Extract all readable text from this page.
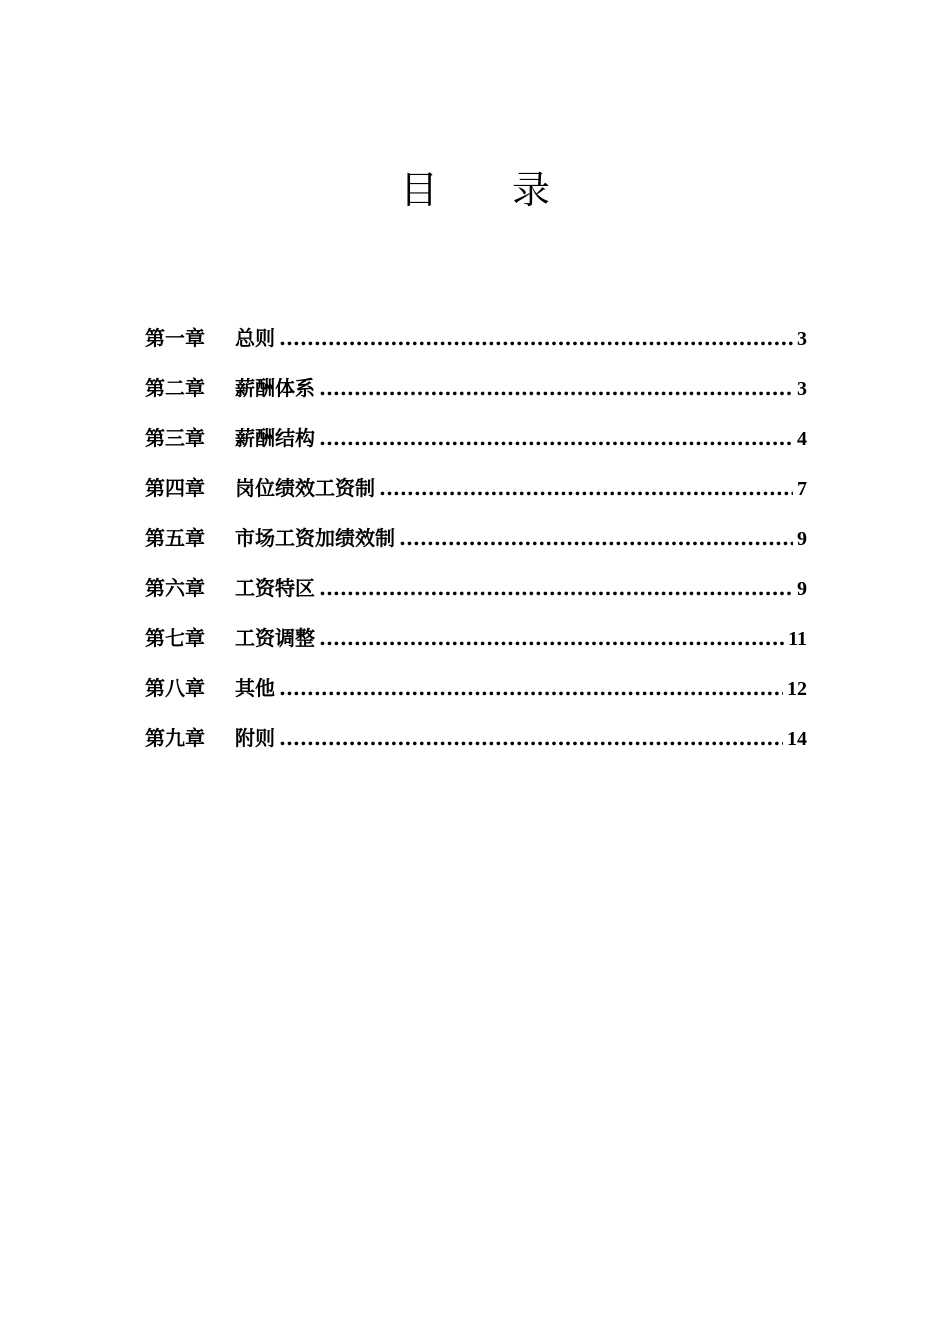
目 录
第一章	总则 .....	3
第二章	薪酬体系 .....	3
第三章	薪酬结构 .....	4
第四章	岗位绩效工资制 .....	7
第五章	市场工资加绩效制 .....	9
第六章	工资特区 .....	9
第七章	工资调整 .....	11
第八章	其他 .....	12
第九章	附则 .....	14
